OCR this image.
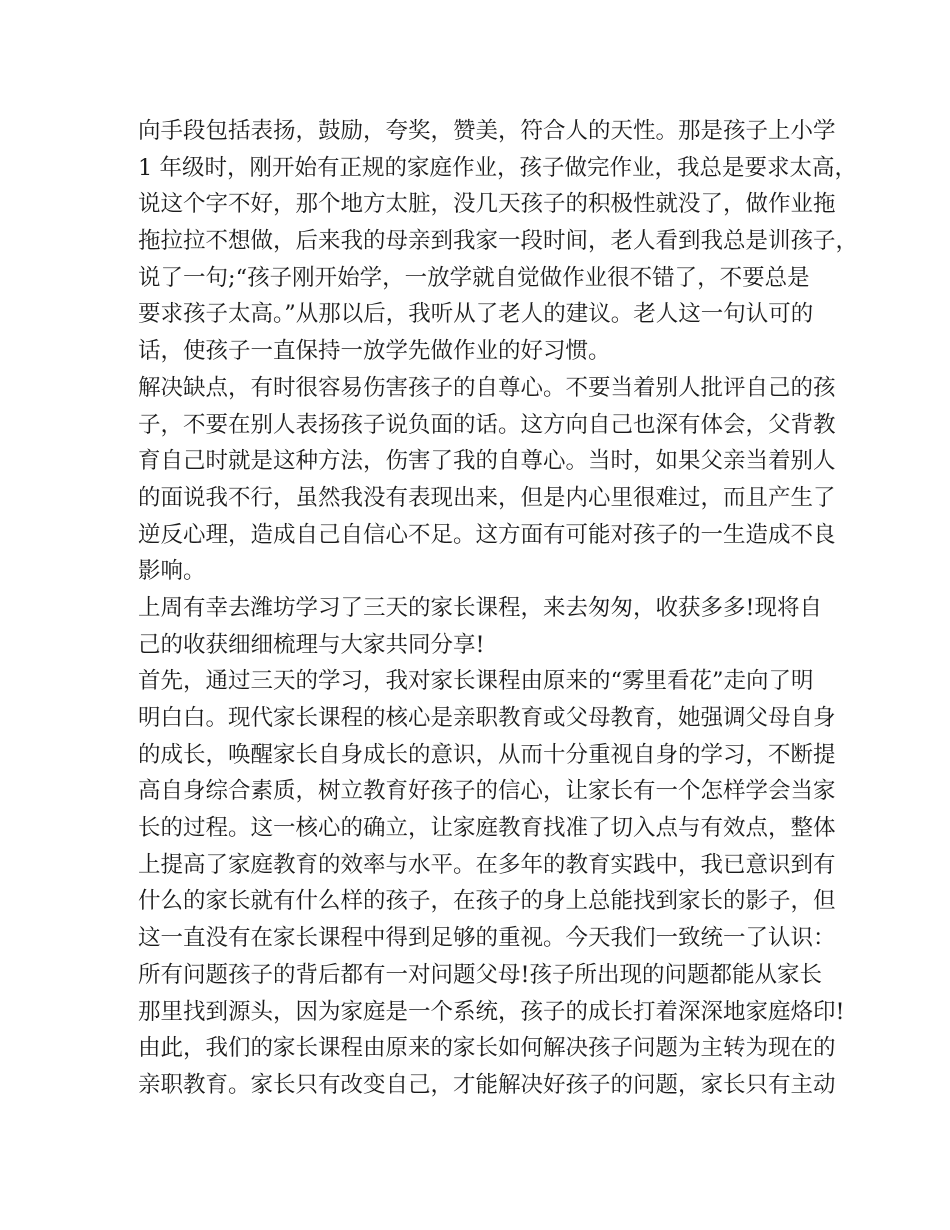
向手段包括表扬，鼓励，夸奖，赞美，符合人的天性。那是孩子上小学
1 年级时，刚开始有正规的家庭作业，孩子做完作业，我总是要求太高，
说这个字不好，那个地方太脏，没几天孩子的积极性就没了，做作业拖
拖拉拉不想做，后来我的母亲到我家一段时间，老人看到我总是训孩子，
说了一句;“孩子刚开始学，一放学就自觉做作业很不错了，不要总是
要求孩子太高。”从那以后，我听从了老人的建议。老人这一句认可的
话，使孩子一直保持一放学先做作业的好习惯。
解决缺点，有时很容易伤害孩子的自尊心。不要当着别人批评自己的孩
子，不要在别人表扬孩子说负面的话。这方向自己也深有体会，父背教
育自己时就是这种方法，伤害了我的自尊心。当时，如果父亲当着别人
的面说我不行，虽然我没有表现出来，但是内心里很难过，而且产生了
逆反心理，造成自己自信心不足。这方面有可能对孩子的一生造成不良
影响。
上周有幸去潍坊学习了三天的家长课程，来去匆匆，收获多多!现将自
己的收获细细梳理与大家共同分享!
首先，通过三天的学习，我对家长课程由原来的“雾里看花”走向了明
明白白。现代家长课程的核心是亲职教育或父母教育，她强调父母自身
的成长，唤醒家长自身成长的意识，从而十分重视自身的学习，不断提
高自身综合素质，树立教育好孩子的信心，让家长有一个怎样学会当家
长的过程。这一核心的确立，让家庭教育找准了切入点与有效点，整体
上提高了家庭教育的效率与水平。在多年的教育实践中，我已意识到有
什么的家长就有什么样的孩子，在孩子的身上总能找到家长的影子，但
这一直没有在家长课程中得到足够的重视。今天我们一致统一了认识：
所有问题孩子的背后都有一对问题父母!孩子所出现的问题都能从家长
那里找到源头，因为家庭是一个系统，孩子的成长打着深深地家庭烙印!
由此，我们的家长课程由原来的家长如何解决孩子问题为主转为现在的
亲职教育。家长只有改变自己，才能解决好孩子的问题，家长只有主动
